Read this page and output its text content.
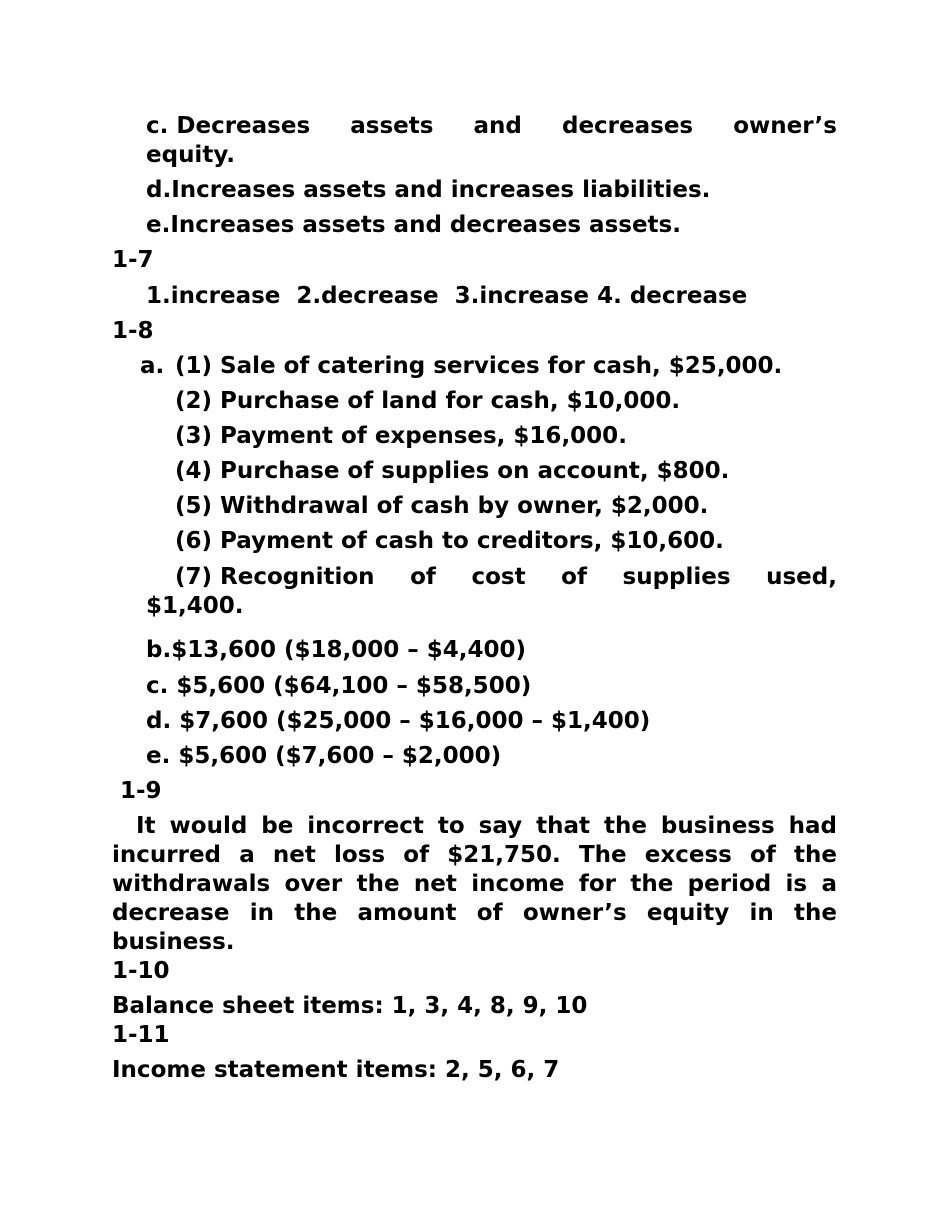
c. Decreases assets and decreases owner’s
equity.
d.Increases assets and increases liabilities.
e.Increases assets and decreases assets.
1-7
1.increase 2.decrease 3.increase 4. decrease
1-8
a. (1) Sale of catering services for cash, $25,000.
(2) Purchase of land for cash, $10,000.
(3) Payment of expenses, $16,000.
(4) Purchase of supplies on account, $800.
(5) Withdrawal of cash by owner, $2,000.
(6) Payment of cash to creditors, $10,600.
(7) Recognition of cost of supplies used,
$1,400.
b.$13,600 ($18,000 – $4,400)
c. $5,600 ($64,100 – $58,500)
d. $7,600 ($25,000 – $16,000 – $1,400)
e. $5,600 ($7,600 – $2,000)
1-9
It would be incorrect to say that the business had incurred a net loss of $21,750. The excess of the withdrawals over the net income for the period is a decrease in the amount of owner’s equity in the business.
1-10
Balance sheet items: 1, 3, 4, 8, 9, 10
1-11
Income statement items: 2, 5, 6, 7
